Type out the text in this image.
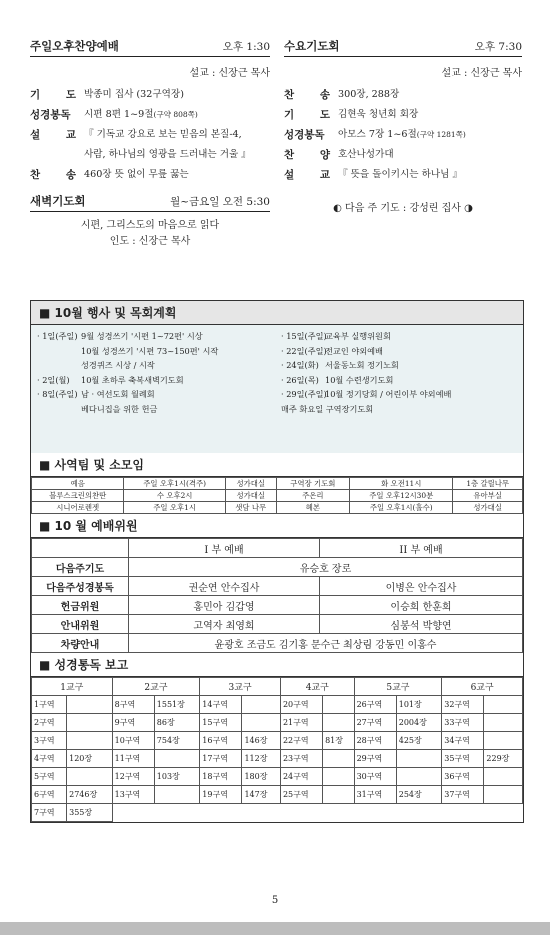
주일오후찬양예배	오후 1:30
설교 : 신장근 목사
기 도 박종미 집사 (32구역장)
성경봉독	시편 8편 1~9절(구약 808쪽)
설 교 『 기독교 강요로 보는 믿음의 본질-4,
사람, 하나님의 영광을 드러내는 거울 』
찬 송 460장 뜻 없이 무릎 꿇는
새벽기도회	월~금요일 오전 5:30
시편, 그리스도의 마음으로 읽다
인도 : 신장근 목사
수요기도회	오후 7:30
설교 : 신장근 목사
찬 송 300장, 288장
기 도 김현욱 청년회 회장
성경봉독	아모스 7장 1~6절(구약 1281쪽)
찬 양 호산나성가대
설 교 『 뜻을 돌이키시는 하나님 』
◐ 다음 주 기도 : 강성린 집사 ◑
■ 10월 행사 및 목회계획
· 1일(주일) 9월 성경쓰기 '시편 1~72편' 시상
10월 성경쓰기 '시편 73~150편' 시작
성경퀴즈 시상 / 시작
· 2일(월) 10월 초하루 축복새벽기도회
· 8일(주일) 남 · 여선도회 월례회
베다니집을 위한 헌금
· 15일(주일)교육부 실행위원회
· 22일(주일)전교인 야외예배
· 24일(화) 서울동노회 정기노회
· 26일(목) 10월 수련생기도회
· 29일(주일)10월 정기당회 / 어린이부 야외예배
매주 화요일 구역장기도회
■ 사역팀 및 소모임
예음	주일 오후1시(격주)	성가대실	구역장 기도회	화 오전11시	1층 갈릴나무
블루스크린의찬딴	수 오후2시	성가대실	주온리	주일 오후12시30분	유아부실
시니어로렌젯	주일 오후1시	샛담 나무	혜본	주일 오후1시(홀수)	성가대실
■ 10 월 예배위원
	I 부 예배	II 부 예배
다음주기도	유승호 장로	
다음주성경봉독	권순연 안수집사	이병은 안수집사
헌금위원	홍민아 김갑영	이승희 한훈희
안내위원	고역자 최영희	심봉석 박향연
차량안내	윤광호 조금도 김기홍 문수근 최상림 강동민 이홍수	
■ 성경통독 보고
1교구		2교구		3교구		4교구		5교구		6교구	
1구역		8구역	1551장	14구역		20구역		26구역	101장	32구역	
2구역		9구역	86장	15구역		21구역		27구역	2004장	33구역	
3구역		10구역	754장	16구역	146장	22구역	81장	28구역	425장	34구역	
4구역	120장	11구역		17구역	112장	23구역		29구역		35구역	229장
5구역		12구역	103장	18구역	180장	24구역		30구역		36구역	
6구역	2746장	13구역		19구역	147장	25구역		31구역	254장	37구역	
7구역	355장										
5
